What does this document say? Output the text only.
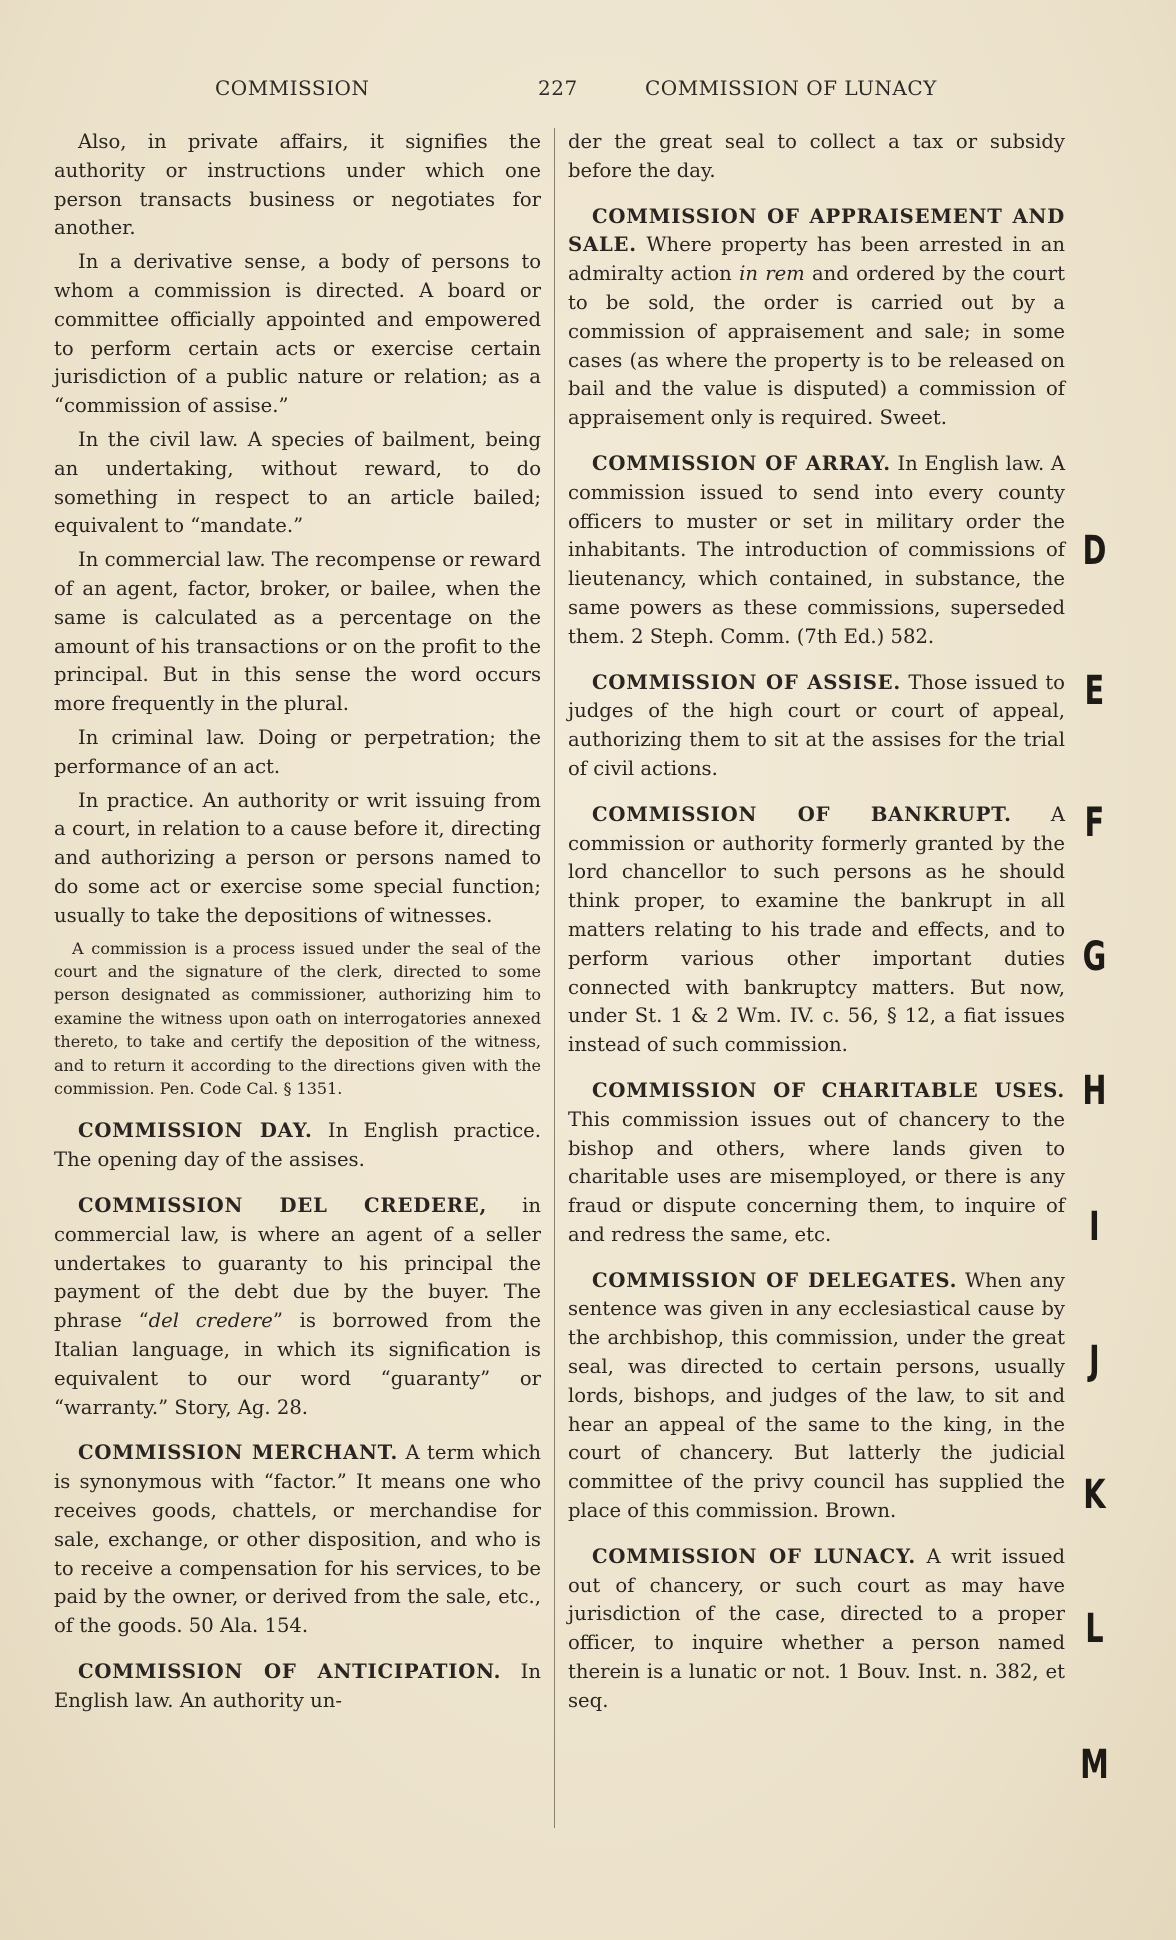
COMMISSION	227	COMMISSION OF LUNACY

Also, in private affairs, it signifies the authority or instructions under which one person transacts business or negotiates for another.

In a derivative sense, a body of persons to whom a commission is directed. A board or committee officially appointed and empowered to perform certain acts or exercise certain jurisdiction of a public nature or relation; as a “commission of assise.”

In the civil law. A species of bailment, being an undertaking, without reward, to do something in respect to an article bailed; equivalent to “mandate.”

In commercial law. The recompense or reward of an agent, factor, broker, or bailee, when the same is calculated as a percentage on the amount of his transactions or on the profit to the principal. But in this sense the word occurs more frequently in the plural.

In criminal law. Doing or perpetration; the performance of an act.

In practice. An authority or writ issuing from a court, in relation to a cause before it, directing and authorizing a person or persons named to do some act or exercise some special function; usually to take the depositions of witnesses.

A commission is a process issued under the seal of the court and the signature of the clerk, directed to some person designated as commissioner, authorizing him to examine the witness upon oath on interrogatories annexed thereto, to take and certify the deposition of the witness, and to return it according to the directions given with the commission. Pen. Code Cal. § 1351.

COMMISSION DAY. In English practice. The opening day of the assises.

COMMISSION DEL CREDERE, in commercial law, is where an agent of a seller undertakes to guaranty to his principal the payment of the debt due by the buyer. The phrase “del credere” is borrowed from the Italian language, in which its signification is equivalent to our word “guaranty” or “warranty.” Story, Ag. 28.

COMMISSION MERCHANT. A term which is synonymous with “factor.” It means one who receives goods, chattels, or merchandise for sale, exchange, or other disposition, and who is to receive a compensation for his services, to be paid by the owner, or derived from the sale, etc., of the goods. 50 Ala. 154.

COMMISSION OF ANTICIPATION. In English law. An authority un-

der the great seal to collect a tax or subsidy before the day.

COMMISSION OF APPRAISEMENT AND SALE. Where property has been arrested in an admiralty action in rem and ordered by the court to be sold, the order is carried out by a commission of appraisement and sale; in some cases (as where the property is to be released on bail and the value is disputed) a commission of appraisement only is required. Sweet.

COMMISSION OF ARRAY. In English law. A commission issued to send into every county officers to muster or set in military order the inhabitants. The introduction of commissions of lieutenancy, which contained, in substance, the same powers as these commissions, superseded them. 2 Steph. Comm. (7th Ed.) 582.

COMMISSION OF ASSISE. Those issued to judges of the high court or court of appeal, authorizing them to sit at the assises for the trial of civil actions.

COMMISSION OF BANKRUPT. A commission or authority formerly granted by the lord chancellor to such persons as he should think proper, to examine the bankrupt in all matters relating to his trade and effects, and to perform various other important duties connected with bankruptcy matters. But now, under St. 1 & 2 Wm. IV. c. 56, § 12, a fiat issues instead of such commission.

COMMISSION OF CHARITABLE USES. This commission issues out of chancery to the bishop and others, where lands given to charitable uses are misemployed, or there is any fraud or dispute concerning them, to inquire of and redress the same, etc.

COMMISSION OF DELEGATES. When any sentence was given in any ecclesiastical cause by the archbishop, this commission, under the great seal, was directed to certain persons, usually lords, bishops, and judges of the law, to sit and hear an appeal of the same to the king, in the court of chancery. But latterly the judicial committee of the privy council has supplied the place of this commission. Brown.

COMMISSION OF LUNACY. A writ issued out of chancery, or such court as may have jurisdiction of the case, directed to a proper officer, to inquire whether a person named therein is a lunatic or not. 1 Bouv. Inst. n. 382, et seq.

D
E
F
G
H
I
J
K
L
M
